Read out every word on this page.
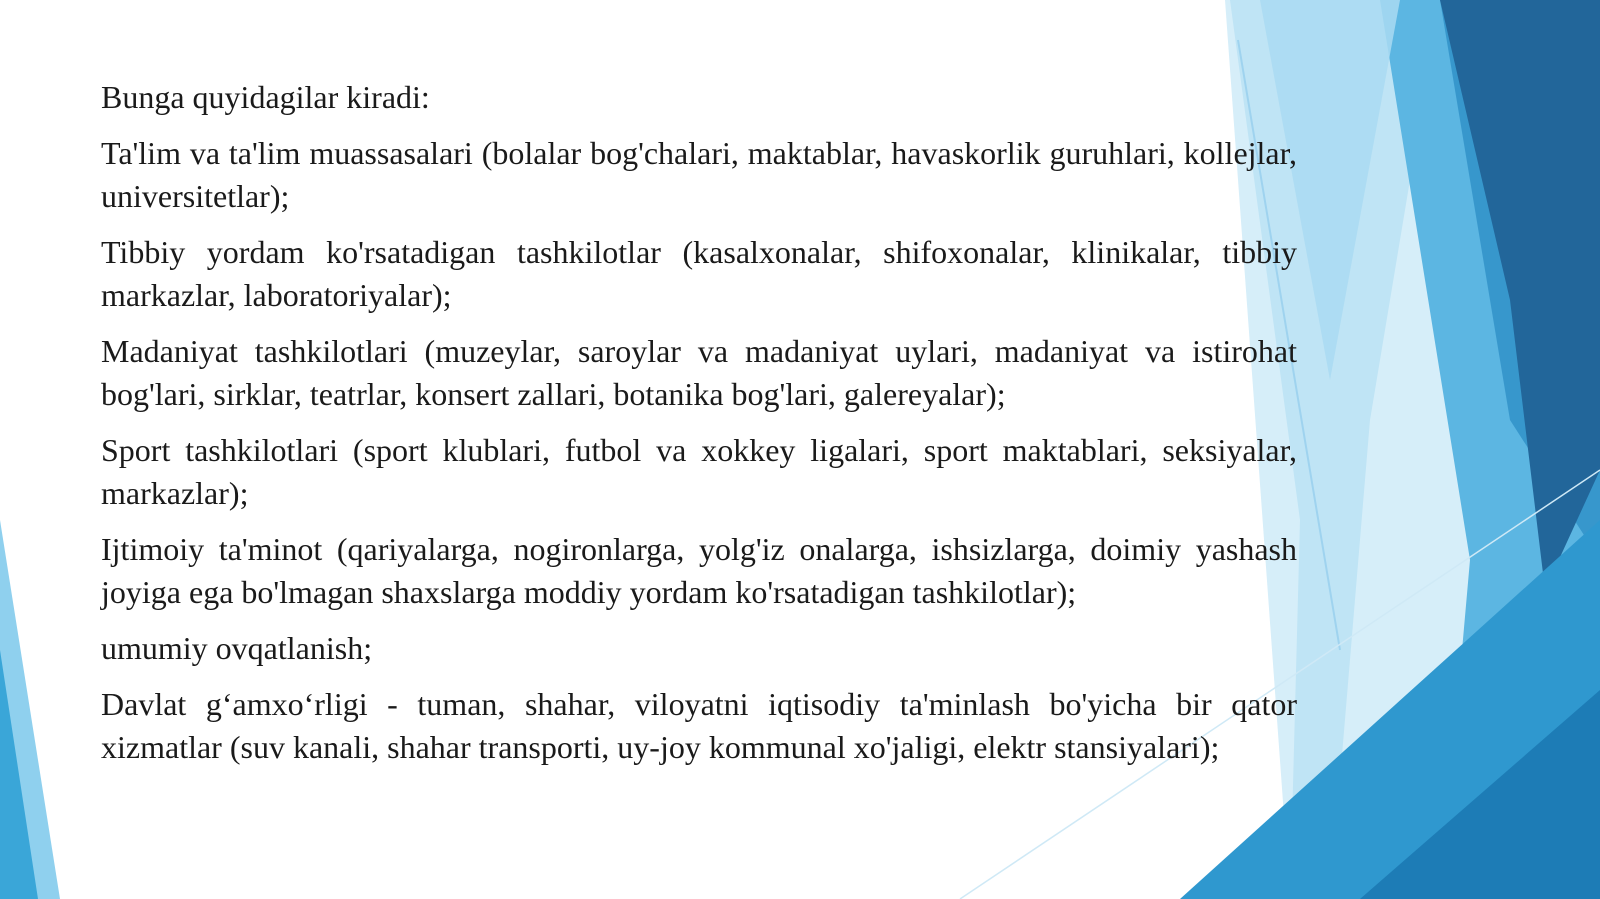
Bunga quyidagilar kiradi:

Ta'lim va ta'lim muassasalari (bolalar bog'chalari, maktablar, havaskorlik guruhlari, kollejlar, universitetlar);

Tibbiy yordam ko'rsatadigan tashkilotlar (kasalxonalar, shifoxonalar, klinikalar, tibbiy markazlar, laboratoriyalar);

Madaniyat tashkilotlari (muzeylar, saroylar va madaniyat uylari, madaniyat va istirohat bog'lari, sirklar, teatrlar, konsert zallari, botanika bog'lari, galereyalar);

Sport tashkilotlari (sport klublari, futbol va xokkey ligalari, sport maktablari, seksiyalar, markazlar);

Ijtimoiy ta'minot (qariyalarga, nogironlarga, yolg'iz onalarga, ishsizlarga, doimiy yashash joyiga ega bo'lmagan shaxslarga moddiy yordam ko'rsatadigan tashkilotlar);

umumiy ovqatlanish;

Davlat g‘amxo‘rligi - tuman, shahar, viloyatni iqtisodiy ta'minlash bo'yicha bir qator xizmatlar (suv kanali, shahar transporti, uy-joy kommunal xo'jaligi, elektr stansiyalari);
